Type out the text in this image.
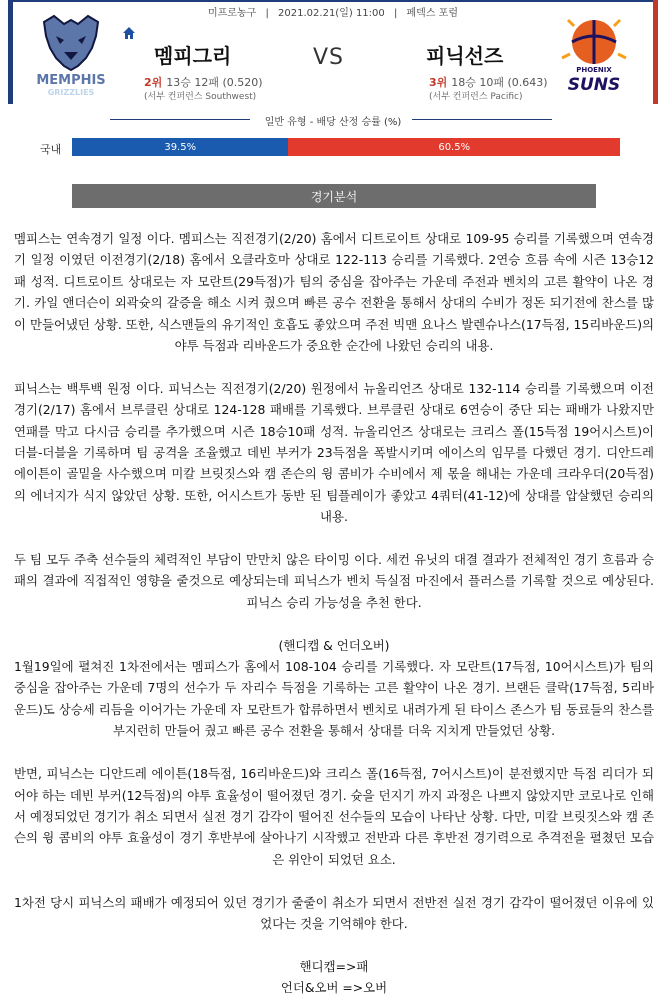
미프로농구 | 2021.02.21(일) 11:00 | 페덱스 포럼
MEMPHIS
GRIZZLIES
멤피그리	VS	피닉선즈
2위 13승 12패 (0.520)
(서부 컨퍼런스 Southwest)
3위 18승 10패 (0.643)
(서부 컨퍼런스 Pacific)
PHOENIX
SUNS
일반 유형 - 배당 산정 승률 (%)
국내	39.5%	60.5%
경기분석

멤피스는 연속경기 일정 이다. 멤피스는 직전경기(2/20) 홈에서 디트로이트 상대로 109-95 승리를 기록했으며 연속경기 일정 이였던 이전경기(2/18) 홈에서 오클라호마 상대로 122-113 승리를 기록했다. 2연승 흐름 속에 시즌 13승12패 성적. 디트로이트 상대로는 자 모란트(29득점)가 팀의 중심을 잡아주는 가운데 주전과 벤치의 고른 활약이 나온 경기. 카일 앤더슨이 외곽슛의 갈증을 해소 시켜 줬으며 빠른 공수 전환을 통해서 상대의 수비가 정돈 되기전에 찬스를 많이 만들어냈던 상황. 또한, 식스맨들의 유기적인 호흡도 좋았으며 주전 빅맨 요나스 발렌슈나스(17득점, 15리바운드)의 야투 득점과 리바운드가 중요한 순간에 나왔던 승리의 내용.

피닉스는 백투백 원정 이다. 피닉스는 직전경기(2/20) 원정에서 뉴올리언즈 상대로 132-114 승리를 기록했으며 이전경기(2/17) 홈에서 브루클린 상대로 124-128 패배를 기록했다. 브루클린 상대로 6연승이 중단 되는 패배가 나왔지만 연패를 막고 다시금 승리를 추가했으며 시즌 18승10패 성적. 뉴올리언즈 상대로는 크리스 폴(15득점 19어시스트)이 더블-더블을 기록하며 팀 공격을 조율했고 데빈 부커가 23득점을 폭발시키며 에이스의 임무를 다했던 경기. 디안드레 에이튼이 골밑을 사수했으며 미칼 브릿짓스와 캠 존슨의 윙 콤비가 수비에서 제 몫을 해내는 가운데 크라우더(20득점)의 에너지가 식지 않았던 상황. 또한, 어시스트가 동반 된 팀플레이가 좋았고 4쿼터(41-12)에 상대를 압살했던 승리의 내용.

두 팀 모두 주축 선수들의 체력적인 부담이 만만치 않은 타이밍 이다. 세컨 유닛의 대결 결과가 전체적인 경기 흐름과 승패의 결과에 직접적인 영향을 줄것으로 예상되는데 피닉스가 벤치 득실점 마진에서 플러스를 기록할 것으로 예상된다. 피닉스 승리 가능성을 추천 한다.

(핸디캡 & 언더오버)

1월19일에 펼쳐진 1차전에서는 멤피스가 홈에서 108-104 승리를 기록했다. 자 모란트(17득점, 10어시스트)가 팀의 중심을 잡아주는 가운데 7명의 선수가 두 자리수 득점을 기록하는 고른 활약이 나온 경기. 브랜든 클락(17득점, 5리바운드)도 상승세 리듬을 이어가는 가운데 자 모란트가 합류하면서 벤치로 내려가게 된 타이스 존스가 팀 동료들의 찬스를 부지런히 만들어 줬고 빠른 공수 전환을 통해서 상대를 더욱 지치게 만들었던 상황.

반면, 피닉스는 디안드레 에이튼(18득점, 16리바운드)와 크리스 폴(16득점, 7어시스트)이 분전했지만 득점 리더가 되어야 하는 데빈 부커(12득점)의 야투 효율성이 떨어졌던 경기. 슛을 던지기 까지 과정은 나쁘지 않았지만 코로나로 인해서 예정되었던 경기가 취소 되면서 실전 경기 감각이 떨어진 선수들의 모습이 나타난 상황. 다만, 미칼 브릿짓스와 캠 존슨의 윙 콤비의 야투 효율성이 경기 후반부에 살아나기 시작했고 전반과 다른 후반전 경기력으로 추격전을 펼쳤던 모습은 위안이 되었던 요소.

1차전 당시 피닉스의 패배가 예정되어 있던 경기가 줄줄이 취소가 되면서 전반전 실전 경기 감각이 떨어졌던 이유에 있었다는 것을 기억해야 한다.

핸디캡=>패

언더&오버 =>오버
